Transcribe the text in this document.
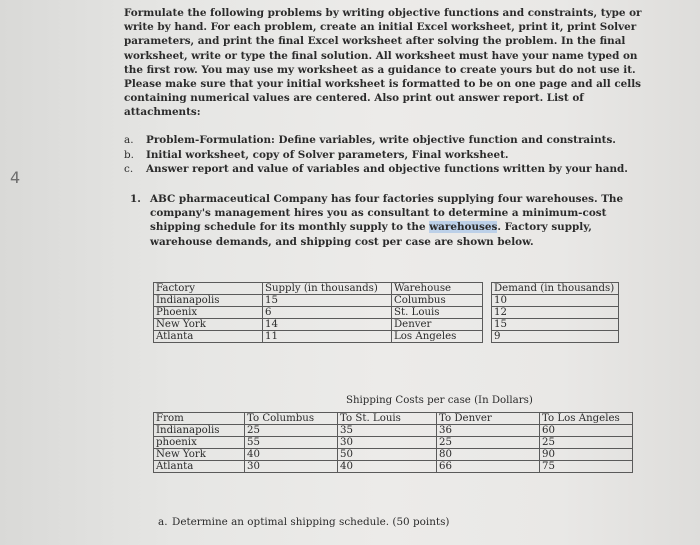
4

Formulate the following problems by writing objective functions and constraints, type or write by hand. For each problem, create an initial Excel worksheet, print it, print Solver parameters, and print the final Excel worksheet after solving the problem. In the final worksheet, write or type the final solution. All worksheet must have your name typed on the first row. You may use my worksheet as a guidance to create yours but do not use it. Please make sure that your initial worksheet is formatted to be on one page and all cells containing numerical values are centered. Also print out answer report. List of attachments:

a. Problem-Formulation: Define variables, write objective function and constraints.
b. Initial worksheet, copy of Solver parameters, Final worksheet.
c. Answer report and value of variables and objective functions written by your hand.
1. ABC pharmaceutical Company has four factories supplying four warehouses. The company's management hires you as consultant to determine a minimum-cost shipping schedule for its monthly supply to the warehouses. Factory supply, warehouse demands, and shipping cost per case are shown below.
Factory	Supply (in thousands)	Warehouse		Demand (in thousands)
Indianapolis	15	Columbus		10
Phoenix	6	St. Louis		12
New York	14	Denver		15
Atlanta	11	Los Angeles		9
Shipping Costs per case (In Dollars)
From	To Columbus	To St. Louis	To Denver	To Los Angeles
Indianapolis	25	35	36	60
phoenix	55	30	25	25
New York	40	50	80	90
Atlanta	30	40	66	75
a. Determine an optimal shipping schedule. (50 points)
